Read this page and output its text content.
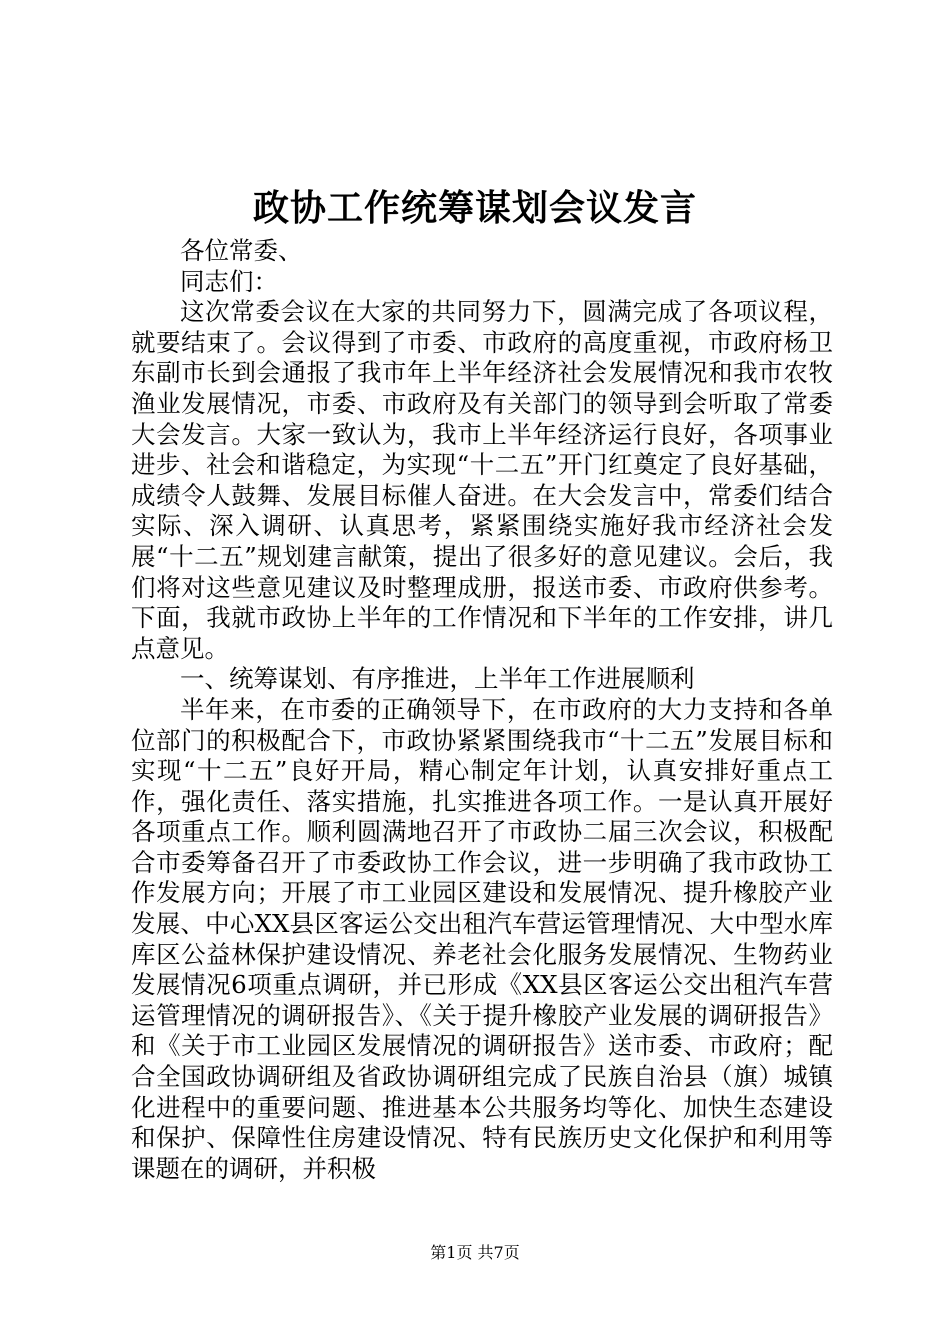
政协工作统筹谋划会议发言

各位常委、

同志们：

这次常委会议在大家的共同努力下，圆满完成了各项议程，就要结束了。会议得到了市委、市政府的高度重视，市政府杨卫东副市长到会通报了我市年上半年经济社会发展情况和我市农牧渔业发展情况，市委、市政府及有关部门的领导到会听取了常委大会发言。大家一致认为，我市上半年经济运行良好，各项事业进步、社会和谐稳定，为实现“十二五”开门红奠定了良好基础，成绩令人鼓舞、发展目标催人奋进。在大会发言中，常委们结合实际、深入调研、认真思考，紧紧围绕实施好我市经济社会发展“十二五”规划建言献策，提出了很多好的意见建议。会后，我们将对这些意见建议及时整理成册，报送市委、市政府供参考。下面，我就市政协上半年的工作情况和下半年的工作安排，讲几点意见。

一、统筹谋划、有序推进，上半年工作进展顺利

半年来，在市委的正确领导下，在市政府的大力支持和各单位部门的积极配合下，市政协紧紧围绕我市“十二五”发展目标和实现“十二五”良好开局，精心制定年计划，认真安排好重点工作，强化责任、落实措施，扎实推进各项工作。一是认真开展好各项重点工作。顺利圆满地召开了市政协二届三次会议，积极配合市委筹备召开了市委政协工作会议，进一步明确了我市政协工作发展方向；开展了市工业园区建设和发展情况、提升橡胶产业发展、中心XX县区客运公交出租汽车营运管理情况、大中型水库库区公益林保护建设情况、养老社会化服务发展情况、生物药业发展情况6项重点调研，并已形成《XX县区客运公交出租汽车营运管理情况的调研报告》、《关于提升橡胶产业发展的调研报告》和《关于市工业园区发展情况的调研报告》送市委、市政府；配合全国政协调研组及省政协调研组完成了民族自治县（旗）城镇化进程中的重要问题、推进基本公共服务均等化、加快生态建设和保护、保障性住房建设情况、特有民族历史文化保护和利用等课题在的调研，并积极

第1页 共7页
